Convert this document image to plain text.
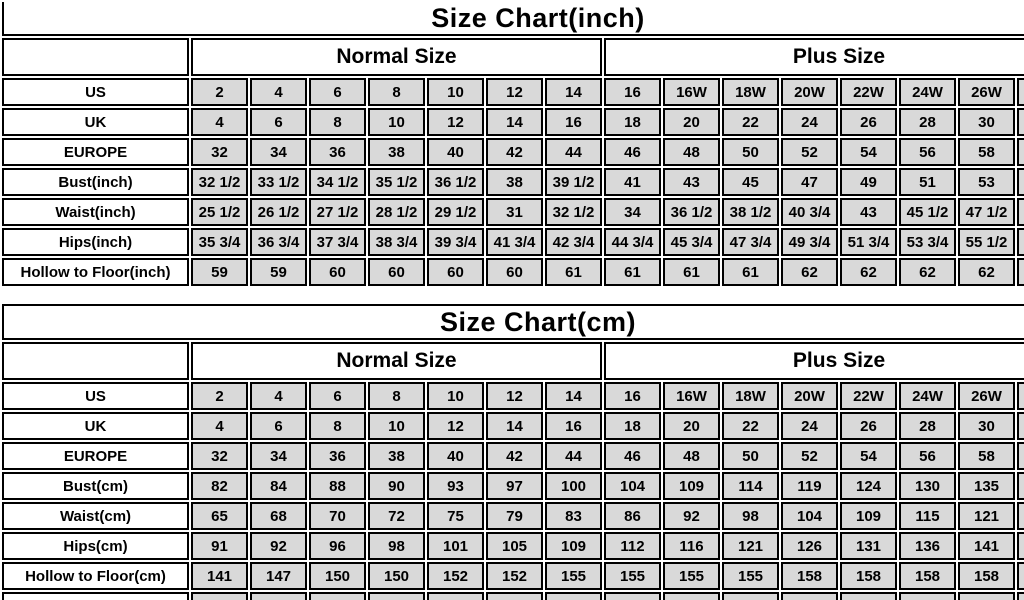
Size Chart(inch)															
	Normal Size							Plus Size							
US	2	4	6	8	10	12	14	16	16W	18W	20W	22W	24W	26W	
UK	4	6	8	10	12	14	16	18	20	22	24	26	28	30	
EUROPE	32	34	36	38	40	42	44	46	48	50	52	54	56	58	
Bust(inch)	32 1/2	33 1/2	34 1/2	35 1/2	36 1/2	38	39 1/2	41	43	45	47	49	51	53	
Waist(inch)	25 1/2	26 1/2	27 1/2	28 1/2	29 1/2	31	32 1/2	34	36 1/2	38 1/2	40 3/4	43	45 1/2	47 1/2	
Hips(inch)	35 3/4	36 3/4	37 3/4	38 3/4	39 3/4	41 3/4	42 3/4	44 3/4	45 3/4	47 3/4	49 3/4	51 3/4	53 3/4	55 1/2	
Hollow to Floor(inch)	59	59	60	60	60	60	61	61	61	61	62	62	62	62	
Size Chart(cm)															
	Normal Size							Plus Size							
US	2	4	6	8	10	12	14	16	16W	18W	20W	22W	24W	26W	
UK	4	6	8	10	12	14	16	18	20	22	24	26	28	30	
EUROPE	32	34	36	38	40	42	44	46	48	50	52	54	56	58	
Bust(cm)	82	84	88	90	93	97	100	104	109	114	119	124	130	135	
Waist(cm)	65	68	70	72	75	79	83	86	92	98	104	109	115	121	
Hips(cm)	91	92	96	98	101	105	109	112	116	121	126	131	136	141	
Hollow to Floor(cm)	141	147	150	150	152	152	155	155	155	155	158	158	158	158	
